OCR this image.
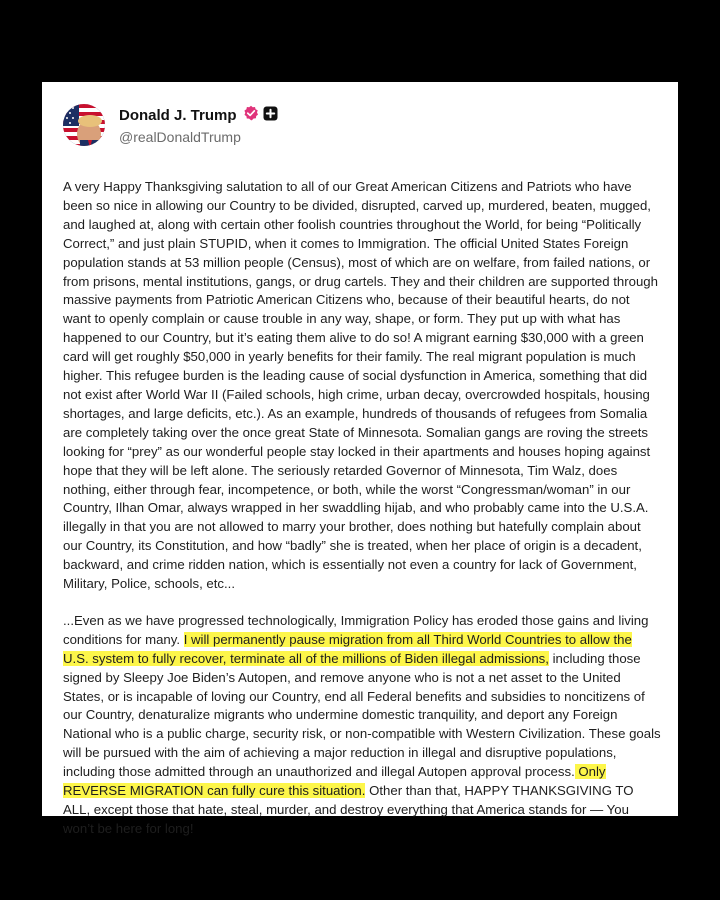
Donald J. Trump
@realDonaldTrump

A very Happy Thanksgiving salutation to all of our Great American Citizens and Patriots who have been so nice in allowing our Country to be divided, disrupted, carved up, murdered, beaten, mugged, and laughed at, along with certain other foolish countries throughout the World, for being “Politically Correct,” and just plain STUPID, when it comes to Immigration. The official United States Foreign population stands at 53 million people (Census), most of which are on welfare, from failed nations, or from prisons, mental institutions, gangs, or drug cartels. They and their children are supported through massive payments from Patriotic American Citizens who, because of their beautiful hearts, do not want to openly complain or cause trouble in any way, shape, or form. They put up with what has happened to our Country, but it’s eating them alive to do so! A migrant earning $30,000 with a green card will get roughly $50,000 in yearly benefits for their family. The real migrant population is much higher. This refugee burden is the leading cause of social dysfunction in America, something that did not exist after World War II (Failed schools, high crime, urban decay, overcrowded hospitals, housing shortages, and large deficits, etc.). As an example, hundreds of thousands of refugees from Somalia are completely taking over the once great State of Minnesota. Somalian gangs are roving the streets looking for “prey” as our wonderful people stay locked in their apartments and houses hoping against hope that they will be left alone. The seriously retarded Governor of Minnesota, Tim Walz, does nothing, either through fear, incompetence, or both, while the worst “Congressman/woman” in our Country, Ilhan Omar, always wrapped in her swaddling hijab, and who probably came into the U.S.A. illegally in that you are not allowed to marry your brother, does nothing but hatefully complain about our Country, its Constitution, and how “badly” she is treated, when her place of origin is a decadent, backward, and crime ridden nation, which is essentially not even a country for lack of Government, Military, Police, schools, etc...

...Even as we have progressed technologically, Immigration Policy has eroded those gains and living conditions for many. I will permanently pause migration from all Third World Countries to allow the U.S. system to fully recover, terminate all of the millions of Biden illegal admissions, including those signed by Sleepy Joe Biden’s Autopen, and remove anyone who is not a net asset to the United States, or is incapable of loving our Country, end all Federal benefits and subsidies to noncitizens of our Country, denaturalize migrants who undermine domestic tranquility, and deport any Foreign National who is a public charge, security risk, or non-compatible with Western Civilization. These goals will be pursued with the aim of achieving a major reduction in illegal and disruptive populations, including those admitted through an unauthorized and illegal Autopen approval process. Only REVERSE MIGRATION can fully cure this situation. Other than that, HAPPY THANKSGIVING TO ALL, except those that hate, steal, murder, and destroy everything that America stands for — You won’t be here for long!
